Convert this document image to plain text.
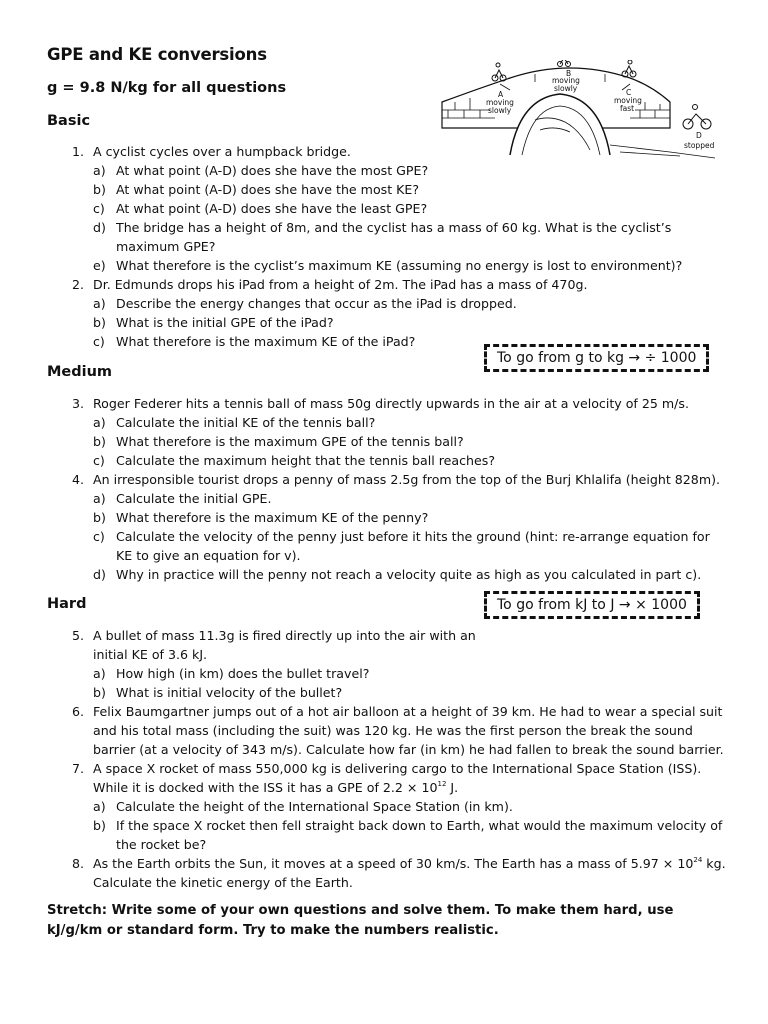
GPE and KE conversions
g = 9.8 N/kg for all questions
B
moving
slowly
A
moving
slowly
C
moving
fast
D
stopped
Basic
1. A cyclist cycles over a humpback bridge.
a) At what point (A-D) does she have the most GPE?
b) At what point (A-D) does she have the most KE?
c) At what point (A-D) does she have the least GPE?
d) The bridge has a height of 8m, and the cyclist has a mass of 60 kg. What is the cyclist’s
maximum GPE?
e) What therefore is the cyclist’s maximum KE (assuming no energy is lost to environment)?
2. Dr. Edmunds drops his iPad from a height of 2m. The iPad has a mass of 470g.
a) Describe the energy changes that occur as the iPad is dropped.
b) What is the initial GPE of the iPad?
c) What therefore is the maximum KE of the iPad?
To go from g to kg → ÷ 1000
Medium
3. Roger Federer hits a tennis ball of mass 50g directly upwards in the air at a velocity of 25 m/s.
a) Calculate the initial KE of the tennis ball?
b) What therefore is the maximum GPE of the tennis ball?
c) Calculate the maximum height that the tennis ball reaches?
4. An irresponsible tourist drops a penny of mass 2.5g from the top of the Burj Khlalifa (height 828m).
a) Calculate the initial GPE.
b) What therefore is the maximum KE of the penny?
c) Calculate the velocity of the penny just before it hits the ground (hint: re-arrange equation for
KE to give an equation for v).
d) Why in practice will the penny not reach a velocity quite as high as you calculated in part c).
Hard	To go from kJ to J → × 1000
5. A bullet of mass 11.3g is fired directly up into the air with an
initial KE of 3.6 kJ.
a) How high (in km) does the bullet travel?
b) What is initial velocity of the bullet?
6. Felix Baumgartner jumps out of a hot air balloon at a height of 39 km. He had to wear a special suit
and his total mass (including the suit) was 120 kg. He was the first person the break the sound
barrier (at a velocity of 343 m/s). Calculate how far (in km) he had fallen to break the sound barrier.
7. A space X rocket of mass 550,000 kg is delivering cargo to the International Space Station (ISS).
While it is docked with the ISS it has a GPE of $2.2 \times 10^{12}$ J.
a) Calculate the height of the International Space Station (in km).
b) If the space X rocket then fell straight back down to Earth, what would the maximum velocity of
the rocket be?
8. As the Earth orbits the Sun, it moves at a speed of 30 km/s. The Earth has a mass of $5.97 \times 10^{24}$ kg.
Calculate the kinetic energy of the Earth.
Stretch: Write some of your own questions and solve them. To make them hard, use kJ/g/km or standard form. Try to make the numbers realistic.
